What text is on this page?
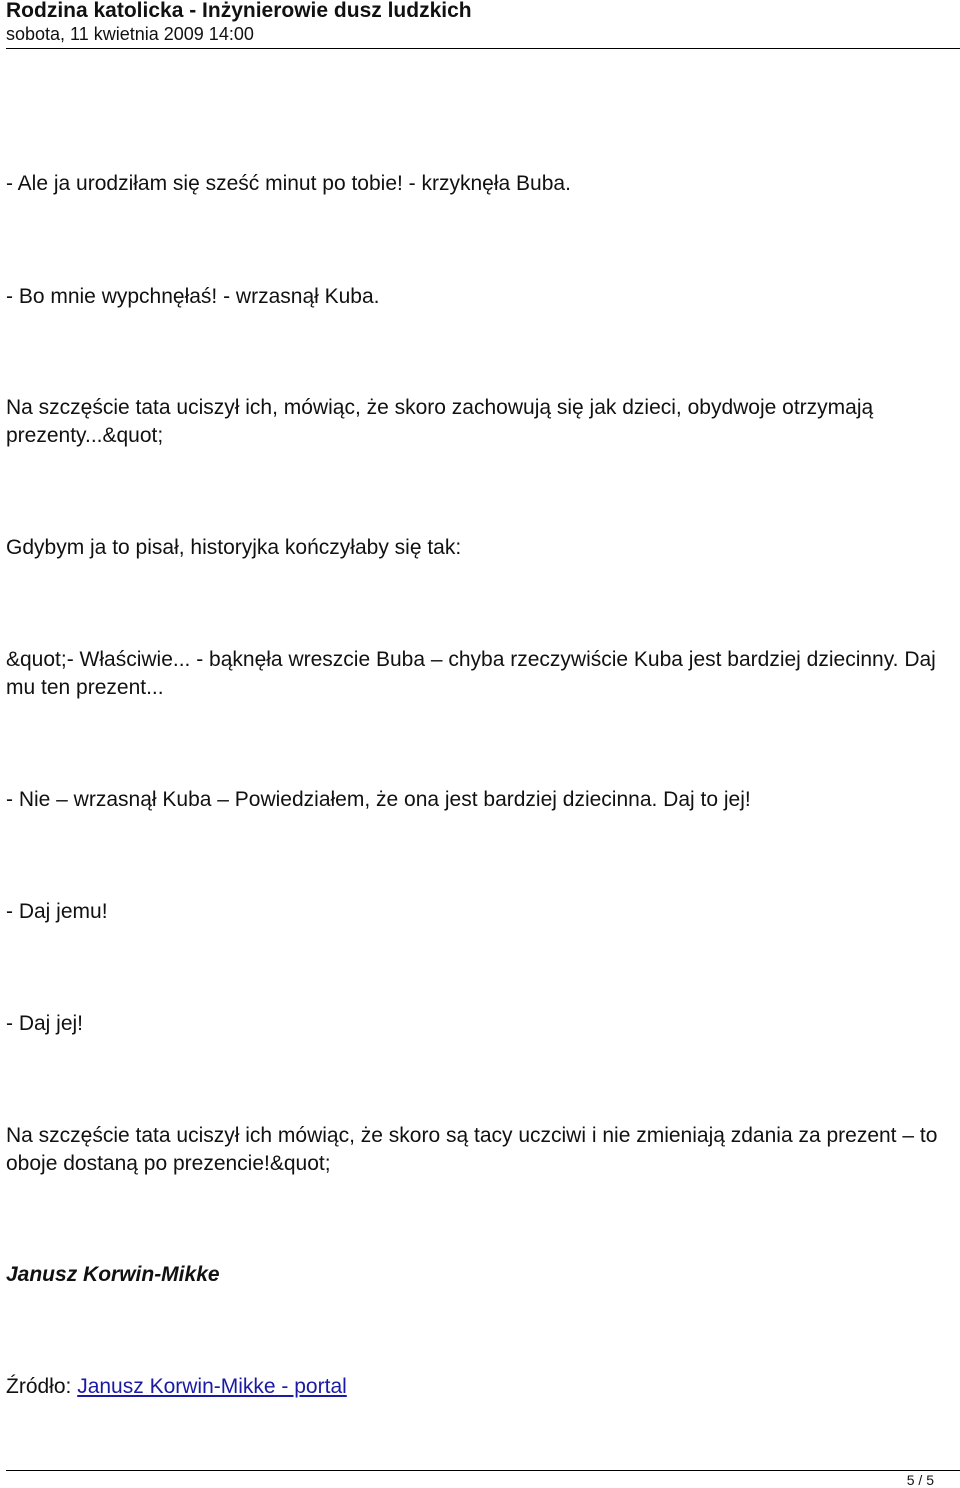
Rodzina katolicka - Inżynierowie dusz ludzkich
sobota, 11 kwietnia 2009 14:00

- Ale ja urodziłam się sześć minut po tobie! - krzyknęła Buba.

- Bo mnie wypchnęłaś! - wrzasnął Kuba.

Na szczęście tata uciszył ich, mówiąc, że skoro zachowują się jak dzieci, obydwoje otrzymają prezenty...&quot;

Gdybym ja to pisał, historyjka kończyłaby się tak:

&quot;- Właściwie... - bąknęła wreszcie Buba – chyba rzeczywiście Kuba jest bardziej dziecinny. Daj mu ten prezent...

- Nie – wrzasnął Kuba – Powiedziałem, że ona jest bardziej dziecinna. Daj to jej!

- Daj jemu!

- Daj jej!

Na szczęście tata uciszył ich mówiąc, że skoro są tacy uczciwi i nie zmieniają zdania za prezent – to oboje dostaną po prezencie!&quot;

Janusz Korwin-Mikke

Źródło: Janusz Korwin-Mikke - portal

5 / 5
